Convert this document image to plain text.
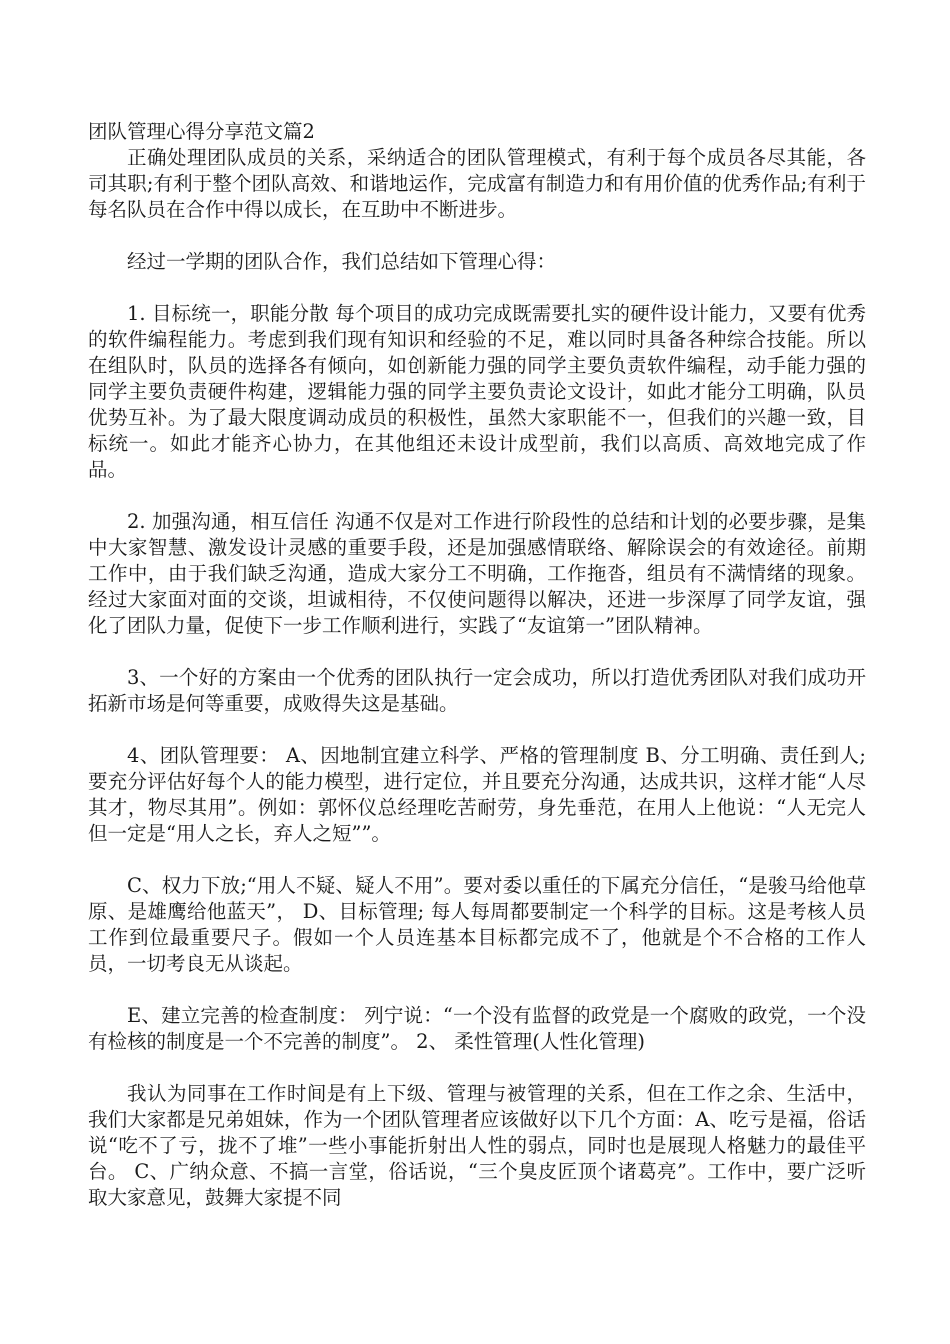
团队管理心得分享范文篇2

正确处理团队成员的关系，采纳适合的团队管理模式，有利于每个成员各尽其能，各司其职;有利于整个团队高效、和谐地运作，完成富有制造力和有用价值的优秀作品;有利于每名队员在合作中得以成长，在互助中不断进步。

经过一学期的团队合作，我们总结如下管理心得：

1. 目标统一，职能分散 每个项目的成功完成既需要扎实的硬件设计能力，又要有优秀的软件编程能力。考虑到我们现有知识和经验的不足，难以同时具备各种综合技能。所以在组队时，队员的选择各有倾向，如创新能力强的同学主要负责软件编程，动手能力强的同学主要负责硬件构建，逻辑能力强的同学主要负责论文设计，如此才能分工明确，队员优势互补。为了最大限度调动成员的积极性，虽然大家职能不一，但我们的兴趣一致，目标统一。如此才能齐心协力，在其他组还未设计成型前，我们以高质、高效地完成了作品。

2. 加强沟通，相互信任 沟通不仅是对工作进行阶段性的总结和计划的必要步骤，是集中大家智慧、激发设计灵感的重要手段，还是加强感情联络、解除误会的有效途径。前期工作中，由于我们缺乏沟通，造成大家分工不明确，工作拖沓，组员有不满情绪的现象。经过大家面对面的交谈，坦诚相待，不仅使问题得以解决，还进一步深厚了同学友谊，强化了团队力量，促使下一步工作顺利进行，实践了“友谊第一”团队精神。

3、一个好的方案由一个优秀的团队执行一定会成功，所以打造优秀团队对我们成功开拓新市场是何等重要，成败得失这是基础。

4、团队管理要： A、因地制宜建立科学、严格的管理制度 B、分工明确、责任到人;要充分评估好每个人的能力模型，进行定位，并且要充分沟通，达成共识，这样才能“人尽其才，物尽其用”。例如：郭怀仪总经理吃苦耐劳，身先垂范，在用人上他说：“人无完人 但一定是“用人之长，弃人之短””。

C、权力下放;“用人不疑、疑人不用”。要对委以重任的下属充分信任，“是骏马给他草原、是雄鹰给他蓝天”， D、目标管理; 每人每周都要制定一个科学的目标。这是考核人员工作到位最重要尺子。假如一个人员连基本目标都完成不了，他就是个不合格的工作人员，一切考良无从谈起。

E、建立完善的检查制度： 列宁说：“一个没有监督的政党是一个腐败的政党，一个没有检核的制度是一个不完善的制度”。 2、 柔性管理(人性化管理)

我认为同事在工作时间是有上下级、管理与被管理的关系，但在工作之余、生活中，我们大家都是兄弟姐妹，作为一个团队管理者应该做好以下几个方面：A、吃亏是福，俗话说“吃不了亏，拢不了堆”一些小事能折射出人性的弱点，同时也是展现人格魅力的最佳平台。 C、广纳众意、不搞一言堂，俗话说，“三个臭皮匠顶个诸葛亮”。工作中，要广泛听取大家意见，鼓舞大家提不同
